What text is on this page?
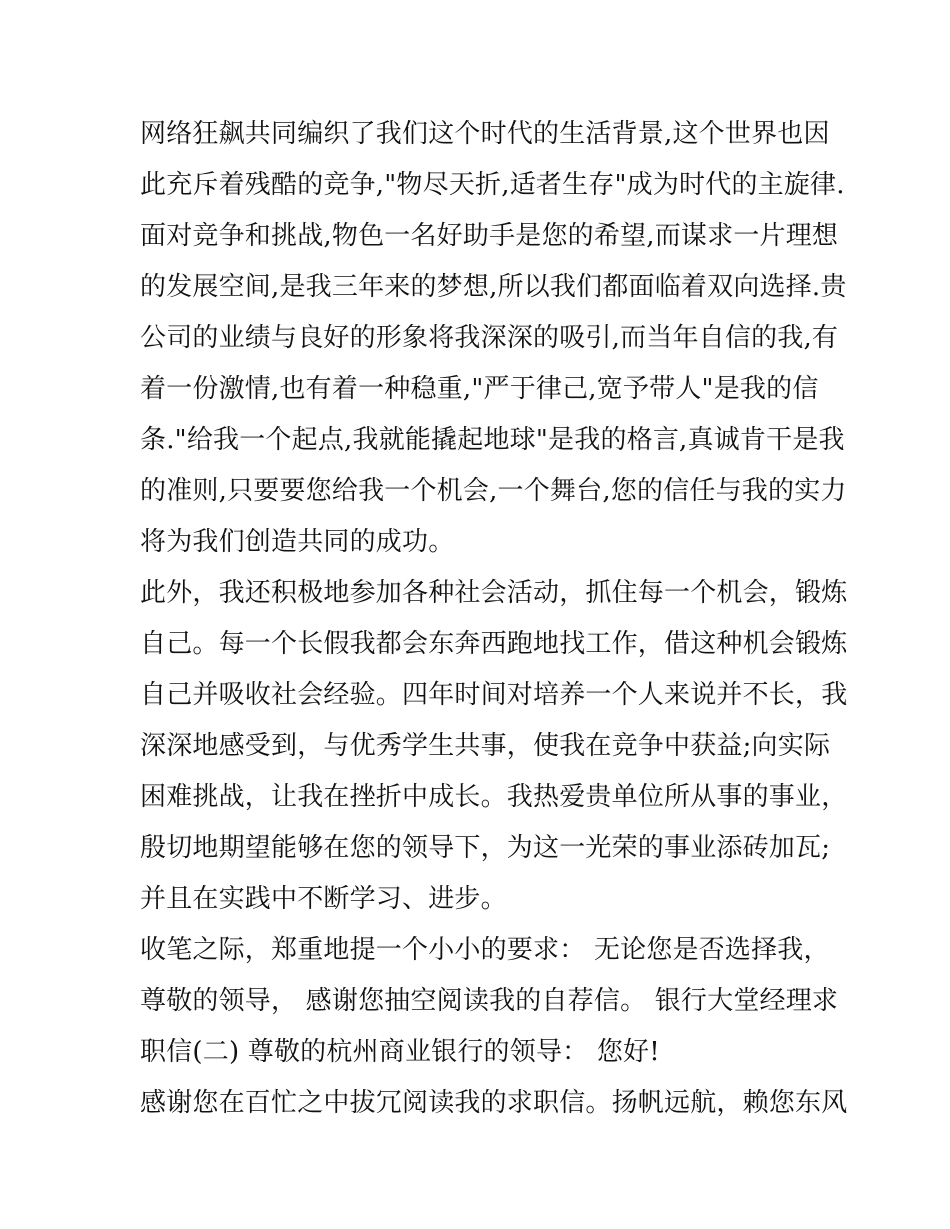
网络狂飙共同编织了我们这个时代的生活背景,这个世界也因
此充斥着残酷的竞争,"物尽天折,适者生存"成为时代的主旋律.
面对竞争和挑战,物色一名好助手是您的希望,而谋求一片理想
的发展空间,是我三年来的梦想,所以我们都面临着双向选择.贵
公司的业绩与良好的形象将我深深的吸引,而当年自信的我,有
着一份激情,也有着一种稳重,"严于律己,宽予带人"是我的信
条."给我一个起点,我就能撬起地球"是我的格言,真诚肯干是我
的准则,只要要您给我一个机会,一个舞台,您的信任与我的实力
将为我们创造共同的成功。
此外，我还积极地参加各种社会活动，抓住每一个机会，锻炼
自己。每一个长假我都会东奔西跑地找工作，借这种机会锻炼
自己并吸收社会经验。四年时间对培养一个人来说并不长，我
深深地感受到，与优秀学生共事，使我在竞争中获益;向实际
困难挑战，让我在挫折中成长。我热爱贵单位所从事的事业，
殷切地期望能够在您的领导下，为这一光荣的事业添砖加瓦;
并且在实践中不断学习、进步。
收笔之际，郑重地提一个小小的要求： 无论您是否选择我，
尊敬的领导， 感谢您抽空阅读我的自荐信。 银行大堂经理求
职信(二) 尊敬的杭州商业银行的领导： 您好!
感谢您在百忙之中拔冗阅读我的求职信。扬帆远航，赖您东风
